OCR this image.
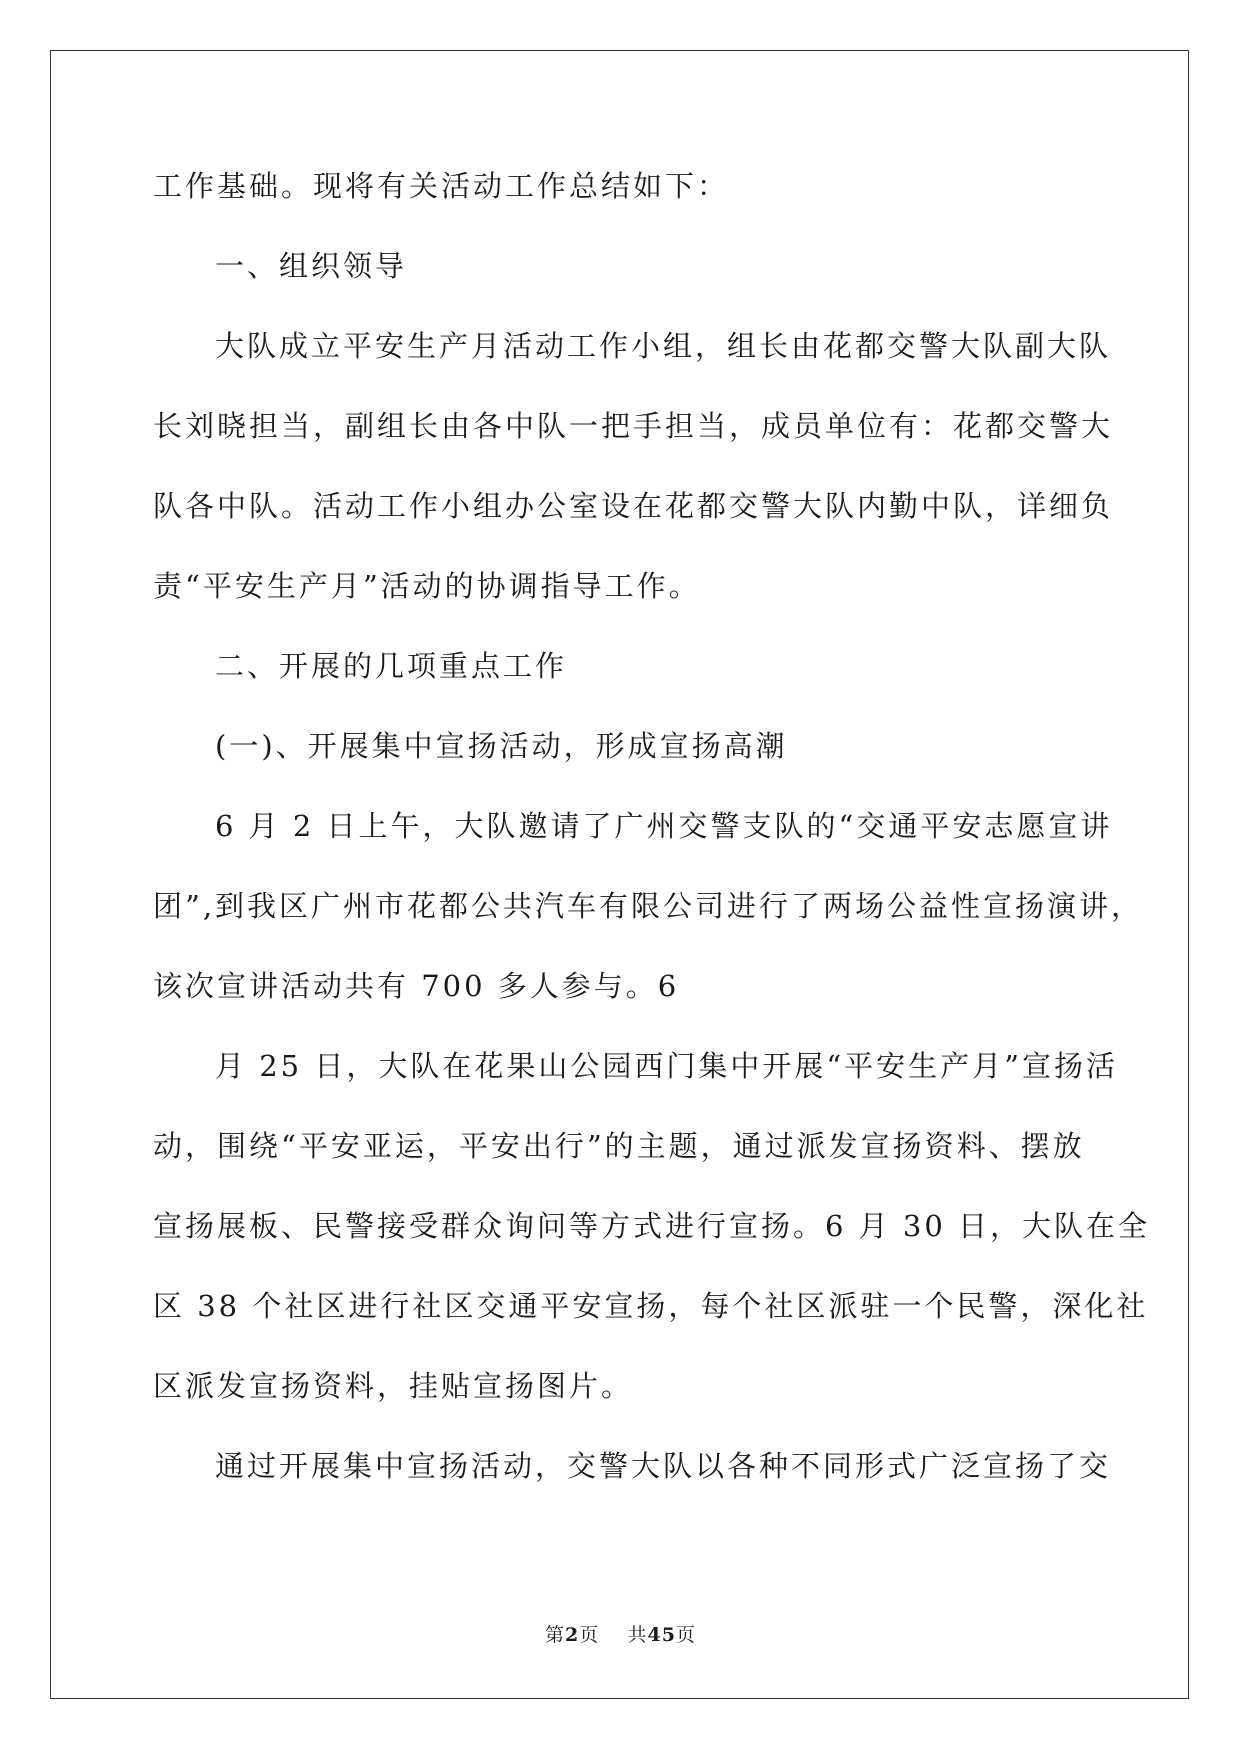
工作基础。现将有关活动工作总结如下：
一、组织领导
大队成立平安生产月活动工作小组，组长由花都交警大队副大队
长刘晓担当，副组长由各中队一把手担当，成员单位有：花都交警大
队各中队。活动工作小组办公室设在花都交警大队内勤中队，详细负
责“平安生产月”活动的协调指导工作。
二、开展的几项重点工作
(一)、开展集中宣扬活动，形成宣扬高潮
6 月 2 日上午，大队邀请了广州交警支队的“交通平安志愿宣讲
团”,到我区广州市花都公共汽车有限公司进行了两场公益性宣扬演讲，
该次宣讲活动共有 700 多人参与。6
月 25 日，大队在花果山公园西门集中开展“平安生产月”宣扬活
动，围绕“平安亚运，平安出行”的主题，通过派发宣扬资料、摆放
宣扬展板、民警接受群众询问等方式进行宣扬。6 月 30 日，大队在全
区 38 个社区进行社区交通平安宣扬，每个社区派驻一个民警，深化社
区派发宣扬资料，挂贴宣扬图片。
通过开展集中宣扬活动，交警大队以各种不同形式广泛宣扬了交
第2页 共45页
